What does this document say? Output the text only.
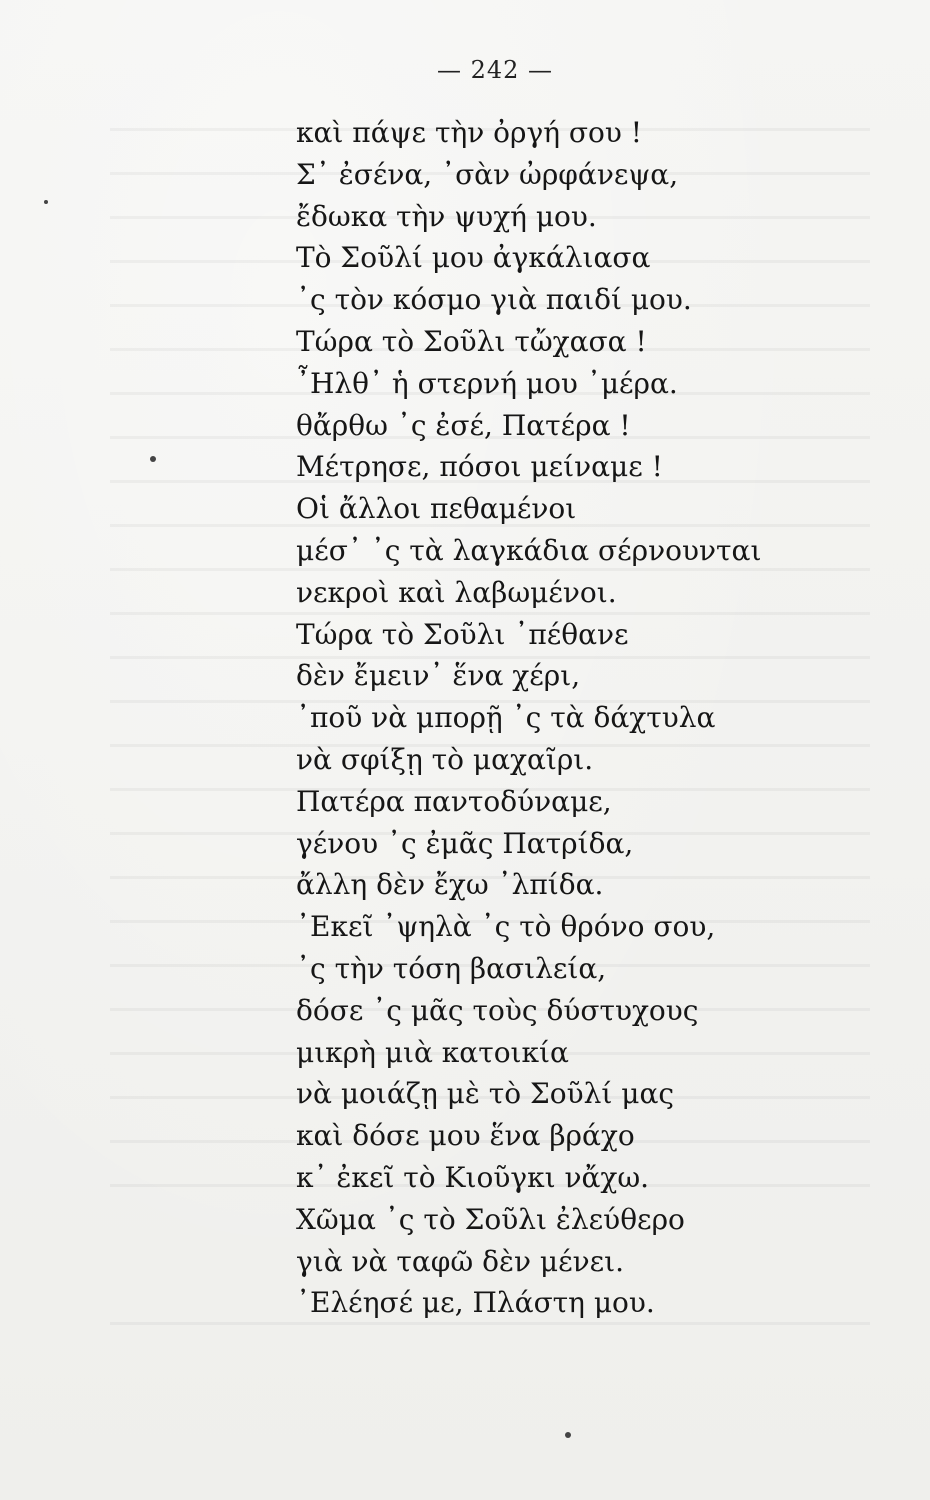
— 242 —
καὶ πάψε τὴν ὀργή σου !
Σ᾽ ἐσένα, ᾽σὰν ὠρφάνεψα,
ἔδωκα τὴν ψυχή μου.
Τὸ Σοῦλί μου ἀγκάλιασα
᾽ς τὸν κόσμο γιὰ παιδί μου.
Τώρα τὸ Σοῦλι τὤχασα !
῏Ηλθ᾽ ἡ στερνή μου ᾽μέρα.
θἄρθω ᾽ς ἐσέ, Πατέρα !
Μέτρησε, πόσοι μείναμε !
Οἱ ἄλλοι πεθαμένοι
μέσ᾽ ᾽ς τὰ λαγκάδια σέρνουνται
νεκροὶ καὶ λαβωμένοι.
Τώρα τὸ Σοῦλι ᾽πέθανε
δὲν ἔμειν᾽ ἕνα χέρι,
᾽ποῦ νὰ μπορῇ ᾽ς τὰ δάχτυλα
νὰ σφίξῃ τὸ μαχαῖρι.
Πατέρα παντοδύναμε,
γένου ᾽ς ἐμᾶς Πατρίδα,
ἄλλη δὲν ἔχω ᾽λπίδα.
᾽Εκεῖ ᾽ψηλὰ ᾽ς τὸ θρόνο σου,
᾽ς τὴν τόση βασιλεία,
δόσε ᾽ς μᾶς τοὺς δύστυχους
μικρὴ μιὰ κατοικία
νὰ μοιάζῃ μὲ τὸ Σοῦλί μας
καὶ δόσε μου ἕνα βράχο
κ᾽ ἐκεῖ τὸ Κιοῦγκι νἄχω.
Χῶμα ᾽ς τὸ Σοῦλι ἐλεύθερο
γιὰ νὰ ταφῶ δὲν μένει.
᾽Ελέησέ με, Πλάστη μου.
